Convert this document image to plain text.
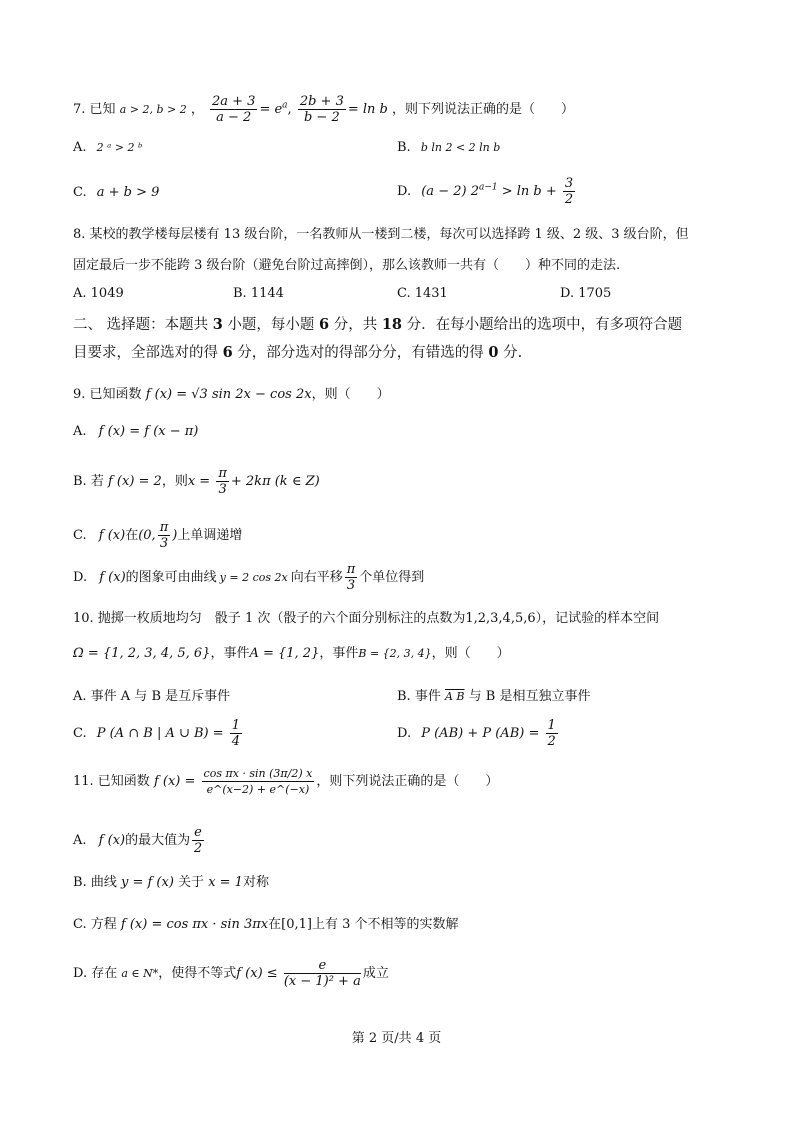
7. 已知 a > 2, b > 2 ， $\frac{2a + 3}{a - 2} = e^a$, $\frac{2b + 3}{b - 2} = \ln b$ ，则下列说法正确的是（　　）
A. 2 ᵃ > 2 ᵇ	B. b ln 2 < 2 ln b
C. a + b > 9	D. (a − 2) $2^{a-1} > \ln b + \frac{3}{2}$
8. 某校的教学楼每层楼有 13 级台阶，一名教师从一楼到二楼，每次可以选择跨 1 级、2 级、3 级台阶，但
固定最后一步不能跨 3 级台阶（避免台阶过高摔倒），那么该教师一共有（　　）种不同的走法.
A. 1049	B. 1144	C. 1431	D. 1705
二、 选择题：本题共 3 小题，每小题 6 分，共 18 分．在每小题给出的选项中，有多项符合题
目要求，全部选对的得 6 分，部分选对的得部分分，有错选的得 0 分.
9. 已知函数 f (x) = √3 sin 2x − cos 2x，则（　　）
A. f (x) = f (x − π)
B. 若 f (x) = 2，则$x = \frac{\pi}{3} + 2k\pi$ (k ∈ Z)
C. f (x)在(0, $\frac{\pi}{3}$ )上单调递增
D. f (x)的图象可由曲线 y = 2 cos 2x 向右平移 $\frac{\pi}{3}$ 个单位得到
10. 抛掷一枚质地均匀　骰子 1 次（骰子的六个面分别标注的点数为1,2,3,4,5,6），记试验的样本空间
Ω = {1, 2, 3, 4, 5, 6}，事件A = {1, 2}，事件B = {2, 3, 4}，则（　　）
A. 事件 A 与 B 是互斥事件	B. 事件 A B 与 B 是相互独立事件
C. P (A ∩ B | A ∪ $B) = \frac{1}{4}$	D. P (AB) + P $(AB) = \frac{1}{2}$
11. 已知函数 f $(x) = \frac{\text{cos πx · sin (3π/2) x}}{e\^{}(x-2) + e\^{}(-x)}$ ，则下列说法正确的是（　　）
A. f (x)的最大值为 $\frac{e}{2}$
B. 曲线 y = f (x) 关于 x = 1对称
C. 方程 f (x) = cos πx · sin 3πx在[0,1]上有 3 个不相等的实数解
D. 存在 a ∈ N*，使得不等式f $(x) \le \frac{e}{\text{(x − 1)² + a}}$ 成立
第 2 页/共 4 页
